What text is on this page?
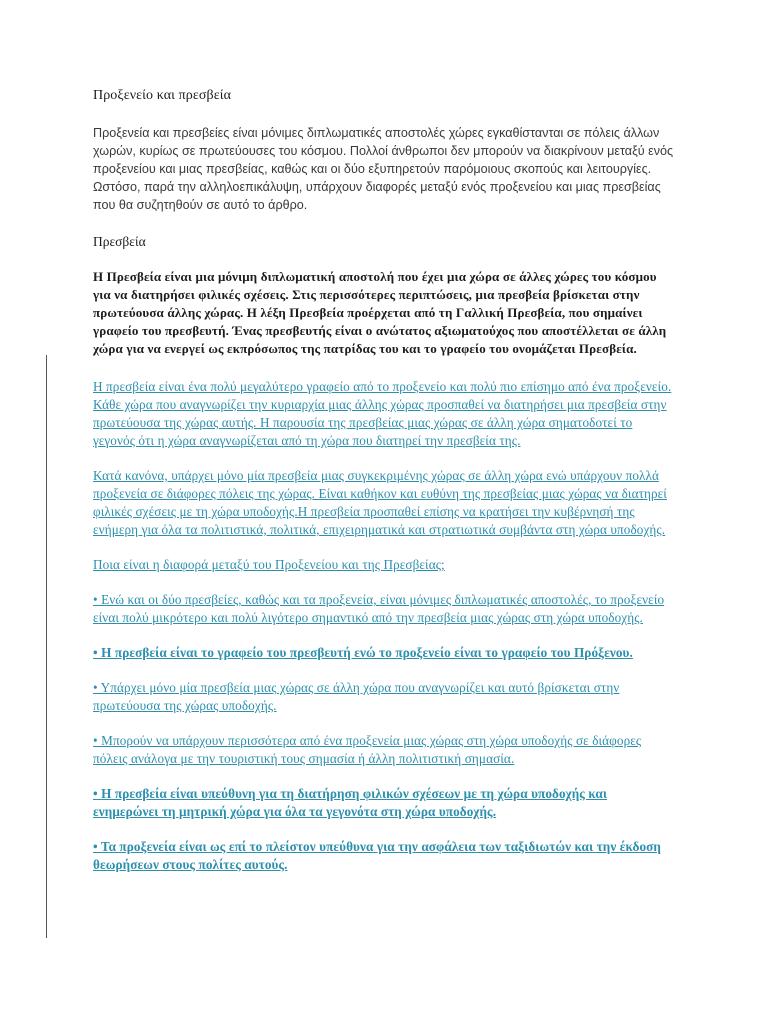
Προξενείο και πρεσβεία

Προξενεία και πρεσβείες είναι μόνιμες διπλωματικές αποστολές χώρες εγκαθίστανται σε πόλεις άλλων χωρών, κυρίως σε πρωτεύουσες του κόσμου. Πολλοί άνθρωποι δεν μπορούν να διακρίνουν μεταξύ ενός προξενείου και μιας πρεσβείας, καθώς και οι δύο εξυπηρετούν παρόμοιους σκοπούς και λειτουργίες. Ωστόσο, παρά την αλληλοεπικάλυψη, υπάρχουν διαφορές μεταξύ ενός προξενείου και μιας πρεσβείας που θα συζητηθούν σε αυτό το άρθρο.

Πρεσβεία

Η Πρεσβεία είναι μια μόνιμη διπλωματική αποστολή που έχει μια χώρα σε άλλες χώρες του κόσμου για να διατηρήσει φιλικές σχέσεις. Στις περισσότερες περιπτώσεις, μια πρεσβεία βρίσκεται στην πρωτεύουσα άλλης χώρας. Η λέξη Πρεσβεία προέρχεται από τη Γαλλική Πρεσβεία, που σημαίνει γραφείο του πρεσβευτή. Ένας πρεσβευτής είναι ο ανώτατος αξιωματούχος που αποστέλλεται σε άλλη χώρα για να ενεργεί ως εκπρόσωπος της πατρίδας του και το γραφείο του ονομάζεται Πρεσβεία.

Η πρεσβεία είναι ένα πολύ μεγαλύτερο γραφείο από το προξενείο και πολύ πιο επίσημο από ένα προξενείο. Κάθε χώρα που αναγνωρίζει την κυριαρχία μιας άλλης χώρας προσπαθεί να διατηρήσει μια πρεσβεία στην πρωτεύουσα της χώρας αυτής. Η παρουσία της πρεσβείας μιας χώρας σε άλλη χώρα σηματοδοτεί το γεγονός ότι η χώρα αναγνωρίζεται από τη χώρα που διατηρεί την πρεσβεία της.

Κατά κανόνα, υπάρχει μόνο μία πρεσβεία μιας συγκεκριμένης χώρας σε άλλη χώρα ενώ υπάρχουν πολλά προξενεία σε διάφορες πόλεις της χώρας. Είναι καθήκον και ευθύνη της πρεσβείας μιας χώρας να διατηρεί φιλικές σχέσεις με τη χώρα υποδοχής.Η πρεσβεία προσπαθεί επίσης να κρατήσει την κυβέρνησή της ενήμερη για όλα τα πολιτιστικά, πολιτικά, επιχειρηματικά και στρατιωτικά συμβάντα στη χώρα υποδοχής.

Ποια είναι η διαφορά μεταξύ του Προξενείου και της Πρεσβείας;

• Ενώ και οι δύο πρεσβείες, καθώς και τα προξενεία, είναι μόνιμες διπλωματικές αποστολές, το προξενείο είναι πολύ μικρότερο και πολύ λιγότερο σημαντικό από την πρεσβεία μιας χώρας στη χώρα υποδοχής.

• Η πρεσβεία είναι το γραφείο του πρεσβευτή ενώ το προξενείο είναι το γραφείο του Πρόξενου.

• Υπάρχει μόνο μία πρεσβεία μιας χώρας σε άλλη χώρα που αναγνωρίζει και αυτό βρίσκεται στην πρωτεύουσα της χώρας υποδοχής.

• Μπορούν να υπάρχουν περισσότερα από ένα προξενεία μιας χώρας στη χώρα υποδοχής σε διάφορες πόλεις ανάλογα με την τουριστική τους σημασία ή άλλη πολιτιστική σημασία.

• Η πρεσβεία είναι υπεύθυνη για τη διατήρηση φιλικών σχέσεων με τη χώρα υποδοχής και ενημερώνει τη μητρική χώρα για όλα τα γεγονότα στη χώρα υποδοχής.

• Τα προξενεία είναι ως επί το πλείστον υπεύθυνα για την ασφάλεια των ταξιδιωτών και την έκδοση θεωρήσεων στους πολίτες αυτούς.
